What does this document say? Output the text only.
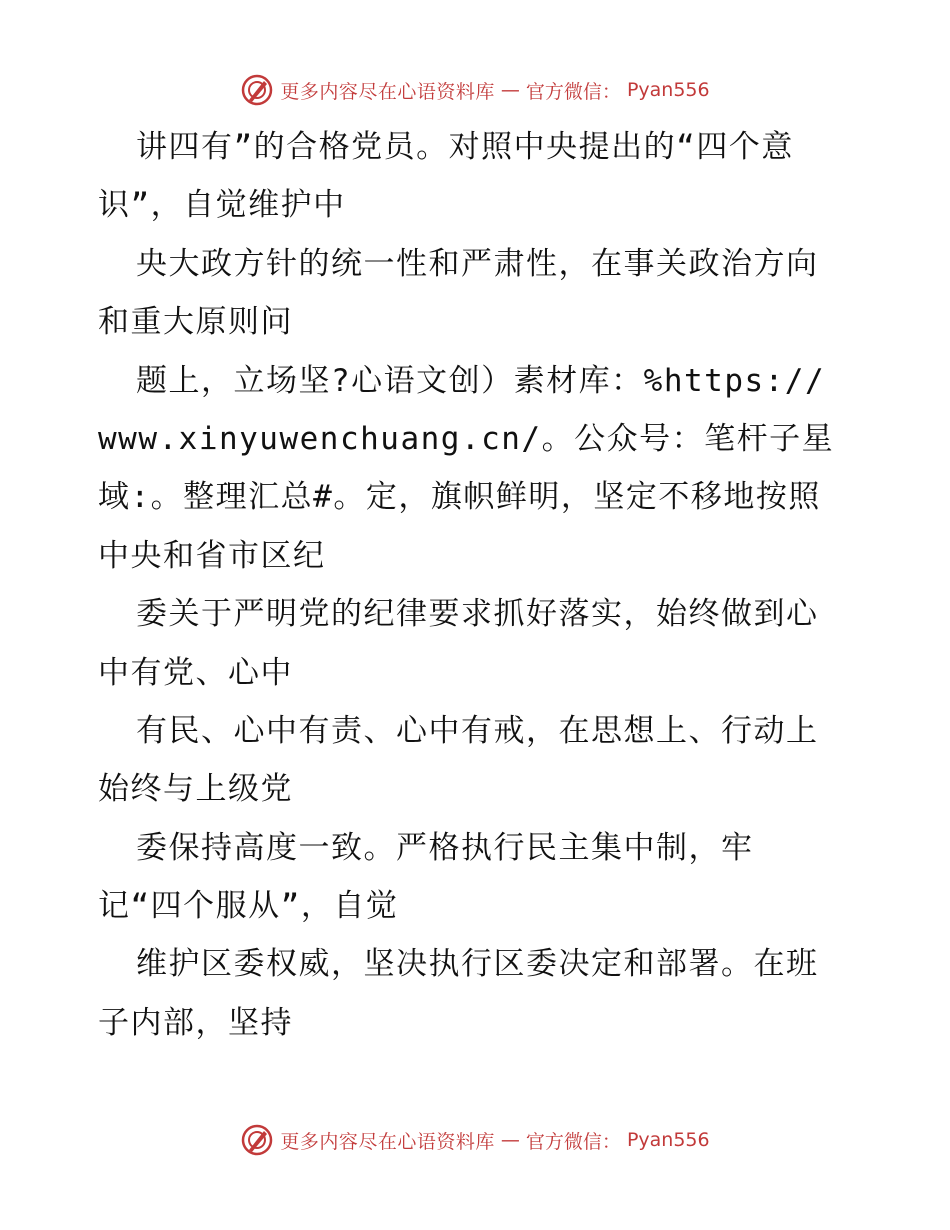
更多内容尽在心语资料库 — 官方微信： Pyan556
讲四有”的合格党员。对照中央提出的“四个意
识”，自觉维护中
央大政方针的统一性和严肃性，在事关政治方向
和重大原则问
题上，立场坚?心语文创）素材库：%https://
www.xinyuwenchuang.cn/。公众号：笔杆子星
域:。整理汇总#。定，旗帜鲜明，坚定不移地按照
中央和省市区纪
委关于严明党的纪律要求抓好落实，始终做到心
中有党、心中
有民、心中有责、心中有戒，在思想上、行动上
始终与上级党
委保持高度一致。严格执行民主集中制，牢
记“四个服从”，自觉
维护区委权威，坚决执行区委决定和部署。在班
子内部，坚持
更多内容尽在心语资料库 — 官方微信： Pyan556
